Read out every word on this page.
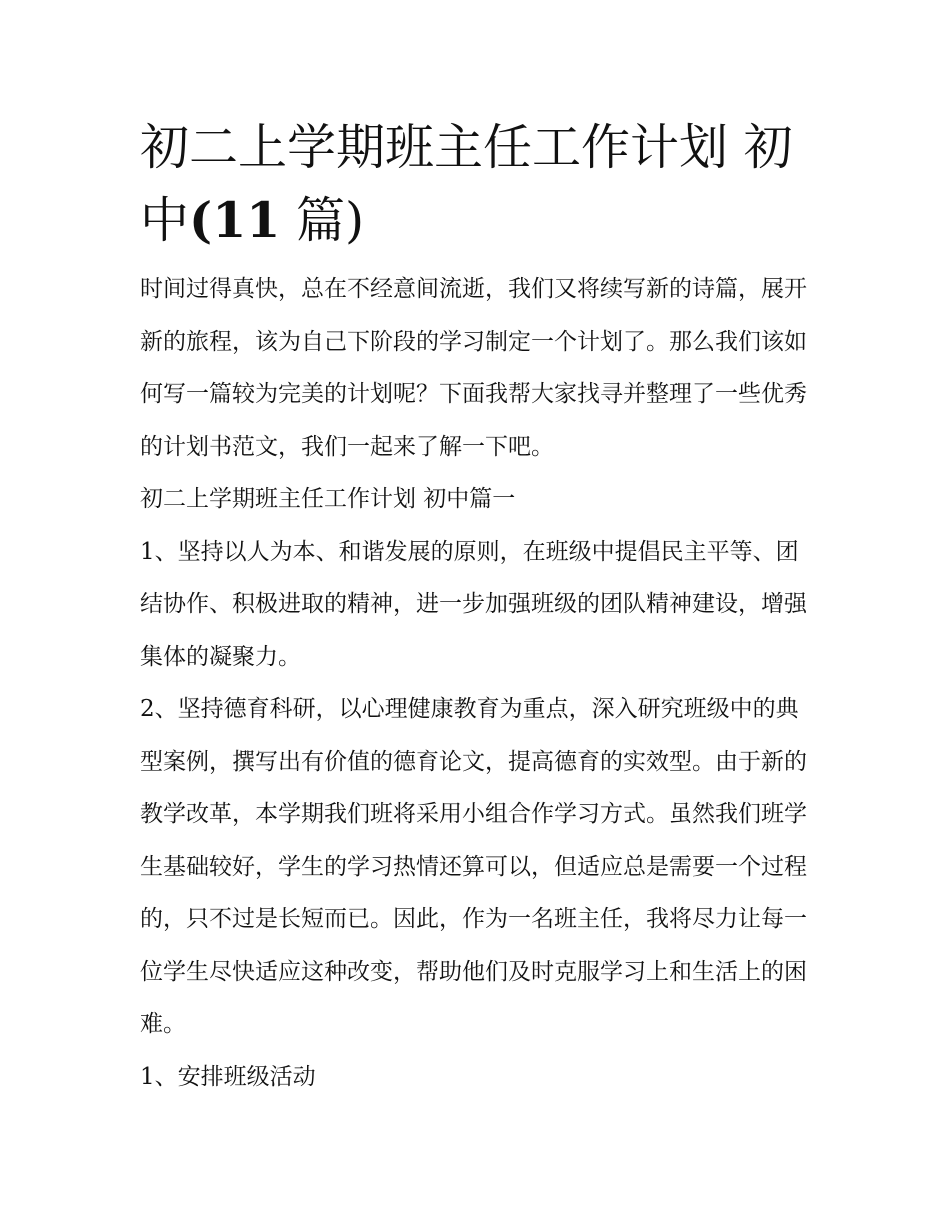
初二上学期班主任工作计划 初中(11 篇)

时间过得真快，总在不经意间流逝，我们又将续写新的诗篇，展开新的旅程，该为自己下阶段的学习制定一个计划了。那么我们该如何写一篇较为完美的计划呢？下面我帮大家找寻并整理了一些优秀的计划书范文，我们一起来了解一下吧。

初二上学期班主任工作计划 初中篇一

1、坚持以人为本、和谐发展的原则，在班级中提倡民主平等、团结协作、积极进取的精神，进一步加强班级的团队精神建设，增强集体的凝聚力。

2、坚持德育科研，以心理健康教育为重点，深入研究班级中的典型案例，撰写出有价值的德育论文，提高德育的实效型。由于新的教学改革，本学期我们班将采用小组合作学习方式。虽然我们班学生基础较好，学生的学习热情还算可以，但适应总是需要一个过程的，只不过是长短而已。因此，作为一名班主任，我将尽力让每一位学生尽快适应这种改变，帮助他们及时克服学习上和生活上的困难。

1、安排班级活动
